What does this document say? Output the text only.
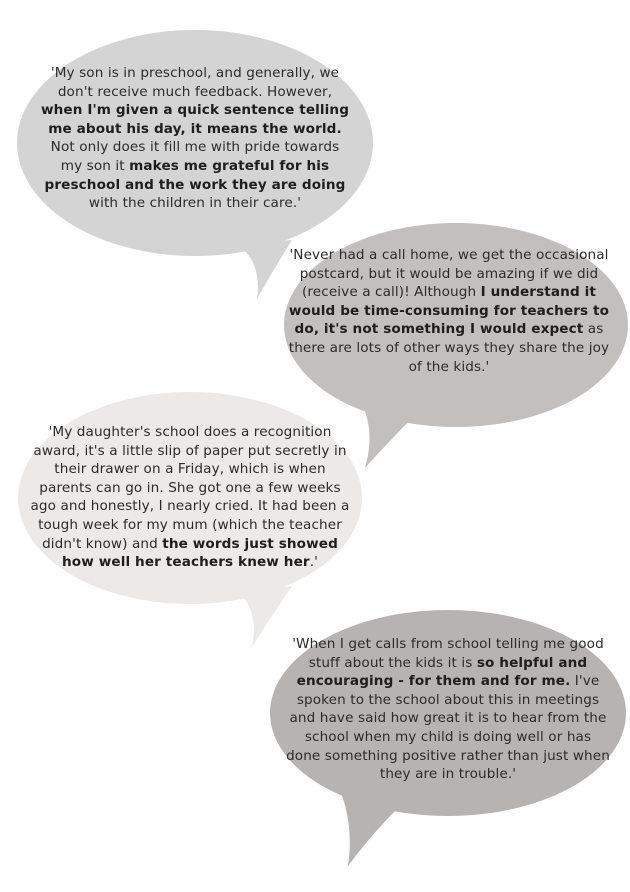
'My son is in preschool, and generally, we don't receive much feedback. However, when I'm given a quick sentence telling me about his day, it means the world. Not only does it fill me with pride towards my son it makes me grateful for his preschool and the work they are doing with the children in their care.'
'Never had a call home, we get the occasional postcard, but it would be amazing if we did (receive a call)! Although I understand it would be time-consuming for teachers to do, it's not something I would expect as there are lots of other ways they share the joy of the kids.'
'My daughter's school does a recognition award, it's a little slip of paper put secretly in their drawer on a Friday, which is when parents can go in. She got one a few weeks ago and honestly, I nearly cried. It had been a tough week for my mum (which the teacher didn't know) and the words just showed how well her teachers knew her.'
'When I get calls from school telling me good stuff about the kids it is so helpful and encouraging - for them and for me. I've spoken to the school about this in meetings and have said how great it is to hear from the school when my child is doing well or has done something positive rather than just when they are in trouble.'
